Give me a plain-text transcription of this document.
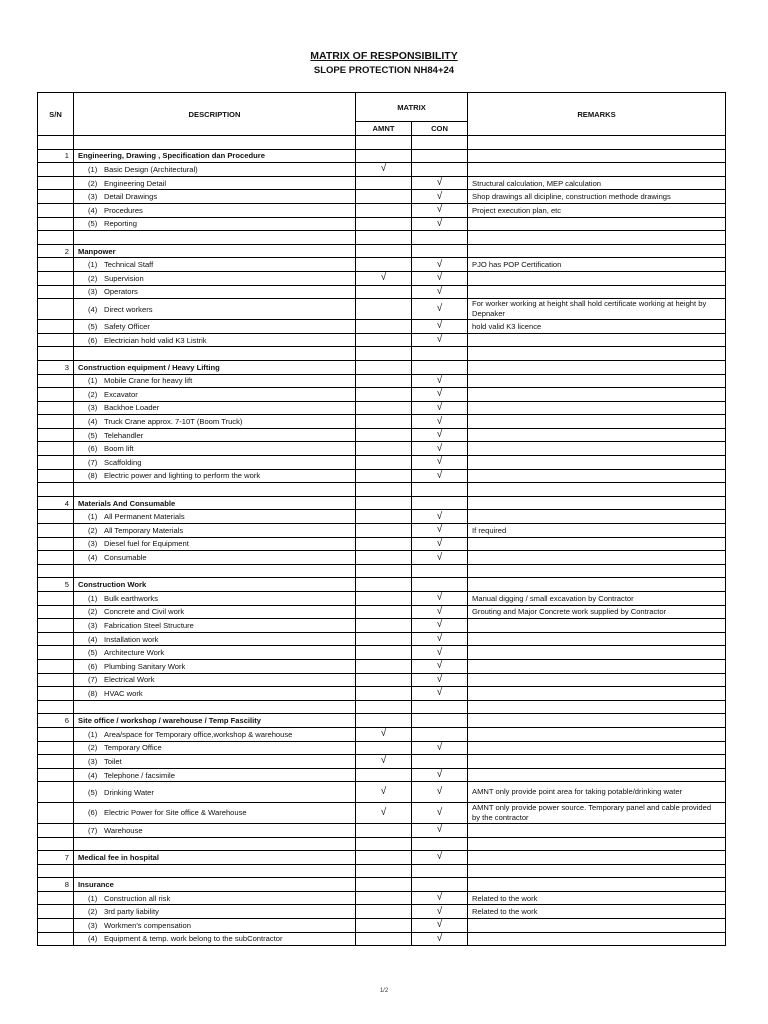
MATRIX OF RESPONSIBILITY
SLOPE PROTECTION NH84+24
S/N	DESCRIPTION	MATRIX		REMARKS
		AMNT	CON	

1	Engineering, Drawing , Specification dan Procedure			
	(1) Basic Design (Architectural)	√		
	(2) Engineering Detail		√	Structural calculation, MEP calculation
	(3) Detail Drawings		√	Shop drawings all dicipline, construction methode drawings
	(4) Procedures		√	Project execution plan, etc
	(5) Reporting		√	

2	Manpower			
	(1) Technical Staff		√	PJO has POP Certification
	(2) Supervision	√	√	
	(3) Operators		√	
	(4) Direct workers		√	For worker working at height shall hold certificate working at height by Depnaker
	(5) Safety Officer		√	hold valid K3 licence
	(6) Electrician hold valid K3 Listrik		√	

3	Construction equipment / Heavy Lifting			
	(1) Mobile Crane for heavy lift		√	
	(2) Excavator		√	
	(3) Backhoe Loader		√	
	(4) Truck Crane approx. 7-10T (Boom Truck)		√	
	(5) Telehandler		√	
	(6) Boom lift		√	
	(7) Scaffolding		√	
	(8) Electric power and lighting to perform the work		√	

4	Materials And Consumable			
	(1) All Permanent Materials		√	
	(2) All Temporary Materials		√	If required
	(3) Diesel fuel for Equipment		√	
	(4) Consumable		√	

5	Construction Work			
	(1) Bulk earthworks		√	Manual digging / small excavation by Contractor
	(2) Concrete and Civil work		√	Grouting and Major Concrete work supplied by Contractor
	(3) Fabrication Steel Structure		√	
	(4) Installation work		√	
	(5) Architecture Work		√	
	(6) Plumbing Sanitary Work		√	
	(7) Electrical Work		√	
	(8) HVAC work		√	

6	Site office / workshop / warehouse / Temp Fascility			
	(1) Area/space for Temporary office,workshop & warehouse	√		
	(2) Temporary Office		√	
	(3) Toilet	√		
	(4) Telephone / facsimile		√	
	(5) Drinking Water	√	√	AMNT only provide point area for taking potable/drinking water
	(6) Electric Power for Site office & Warehouse	√	√	AMNT only provide power source. Temporary panel and cable provided by the contractor
	(7) Warehouse		√	

7	Medical fee in hospital		√	

8	Insurance			
	(1) Construction all risk		√	Related to the work
	(2) 3rd party liability		√	Related to the work
	(3) Workmen's compensation		√	
	(4) Equipment & temp. work belong to the subContractor		√	
1/2
